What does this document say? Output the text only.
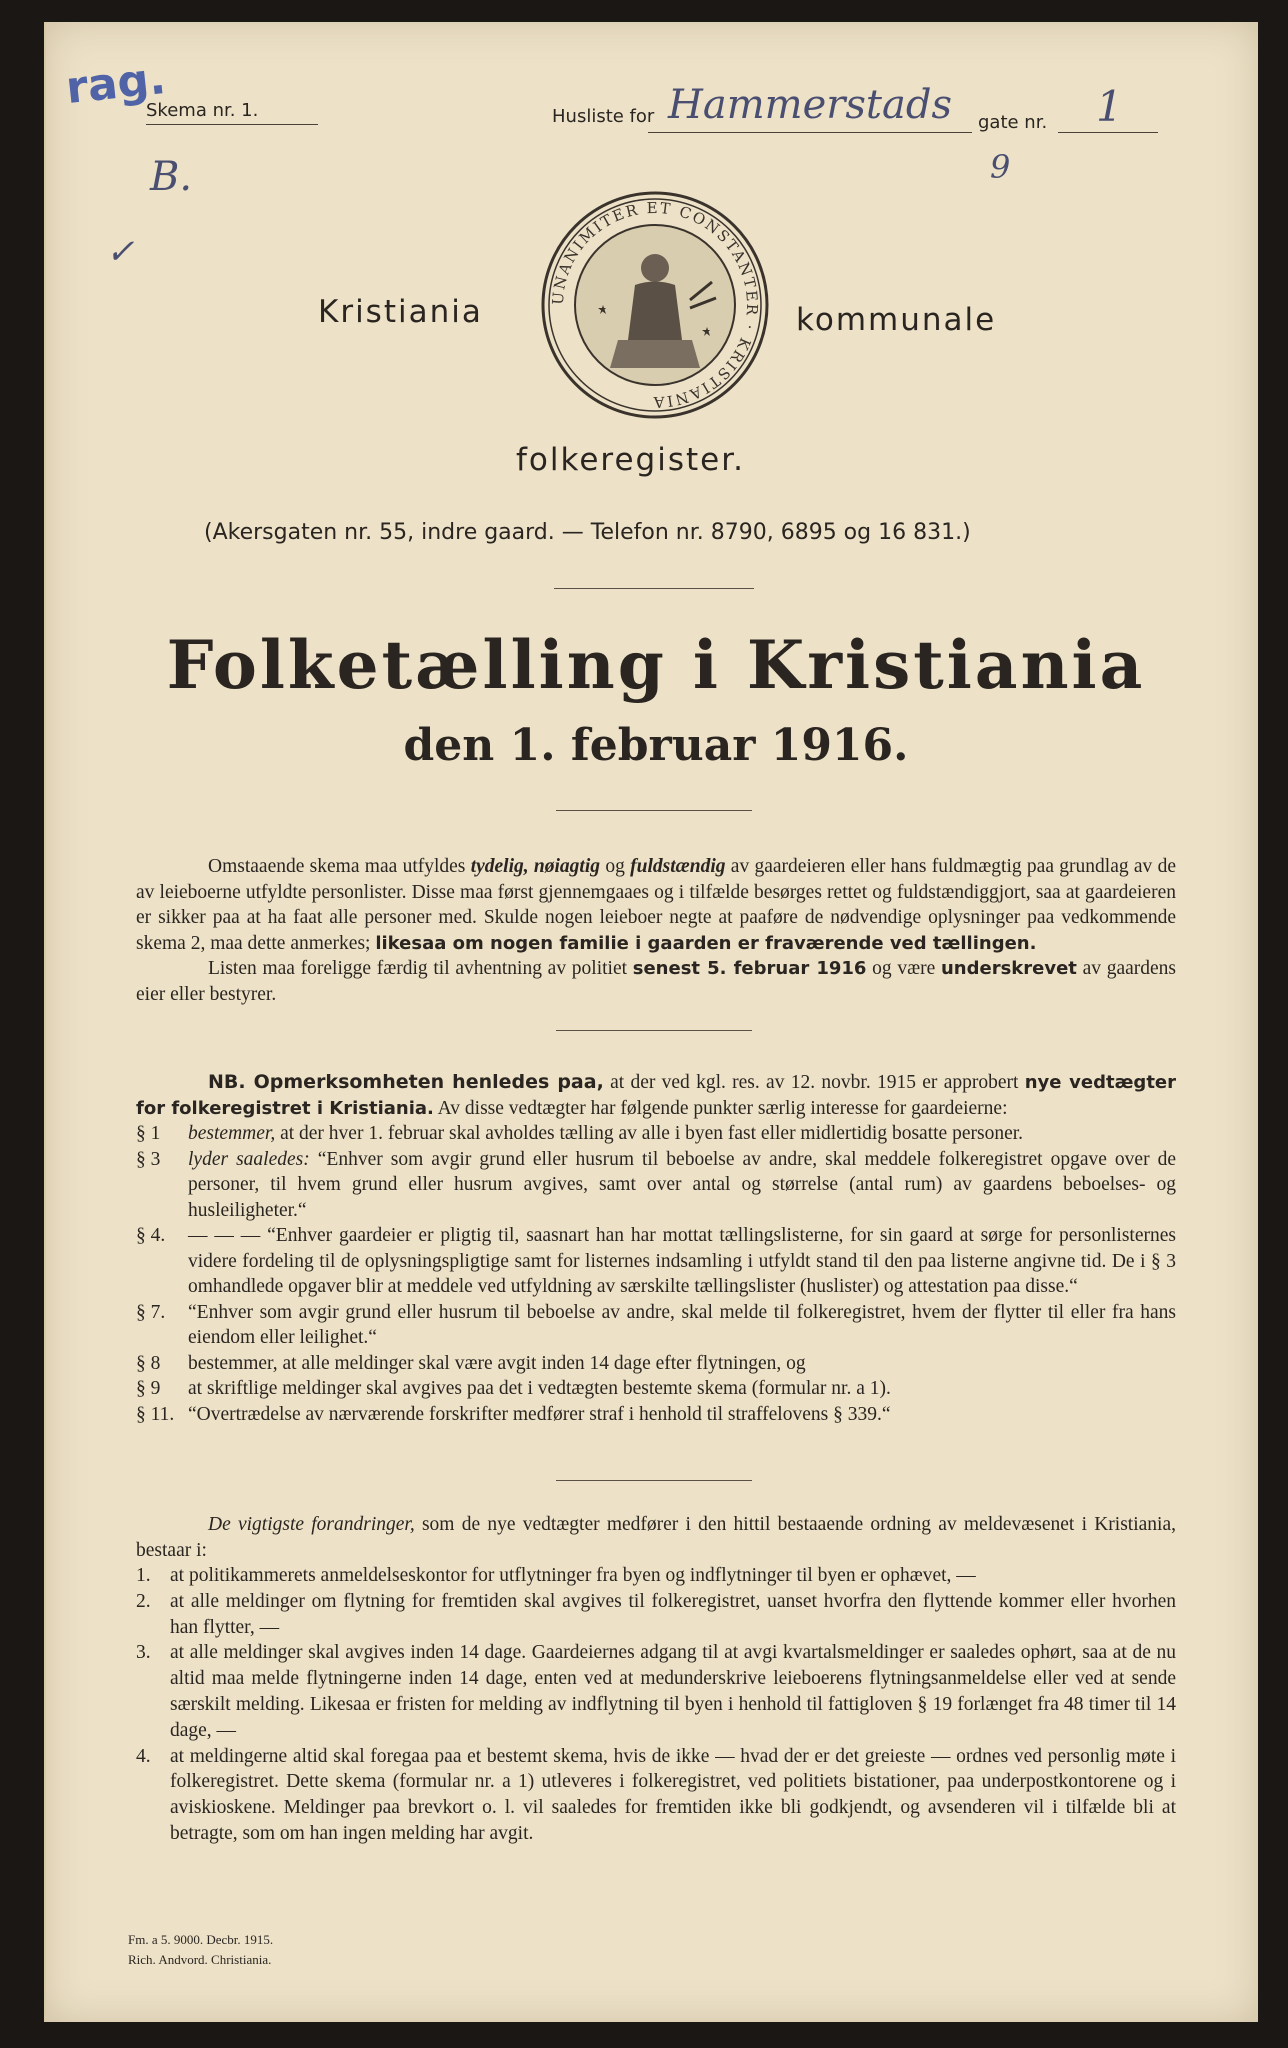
rag.
Skema nr. 1.	Husliste for Hammerstads gate nr. 1
B.	9
✓
Kristiania	UNANIMITER ET CONSTANTER · KRISTIANIA
kommunale
folkeregister.
(Akersgaten nr. 55, indre gaard. — Telefon nr. 8790, 6895 og 16 831.)
Folketælling i Kristiania
den 1. februar 1916.

Omstaaende skema maa utfyldes tydelig, nøiagtig og fuldstændig av gaardeieren eller hans fuldmægtig paa grundlag av de av leieboerne utfyldte personlister. Disse maa først gjennemgaaes og i tilfælde besørges rettet og fuldstændiggjort, saa at gaardeieren er sikker paa at ha faat alle personer med. Skulde nogen leieboer negte at paaføre de nødvendige oplysninger paa vedkommende skema 2, maa dette anmerkes; likesaa om nogen familie i gaarden er fraværende ved tællingen.

Listen maa foreligge færdig til avhentning av politiet senest 5. februar 1916 og være underskrevet av gaardens eier eller bestyrer.

NB. Opmerksomheten henledes paa, at der ved kgl. res. av 12. novbr. 1915 er approbert nye vedtægter for folkeregistret i Kristiania. Av disse vedtægter har følgende punkter særlig interesse for gaardeierne:

§ 1	bestemmer, at der hver 1. februar skal avholdes tælling av alle i byen fast eller midlertidig bosatte personer.
§ 3	lyder saaledes: “Enhver som avgir grund eller husrum til beboelse av andre, skal meddele folkeregistret opgave over de personer, til hvem grund eller husrum avgives, samt over antal og størrelse (antal rum) av gaardens beboelses- og husleiligheter.“
§ 4.	— — — “Enhver gaardeier er pligtig til, saasnart han har mottat tællingslisterne, for sin gaard at sørge for personlisternes videre fordeling til de oplysningspligtige samt for listernes indsamling i utfyldt stand til den paa listerne angivne tid. De i § 3 omhandlede opgaver blir at meddele ved utfyldning av særskilte tællingslister (huslister) og attestation paa disse.“
§ 7.	“Enhver som avgir grund eller husrum til beboelse av andre, skal melde til folkeregistret, hvem der flytter til eller fra hans eiendom eller leilighet.“
§ 8	bestemmer, at alle meldinger skal være avgit inden 14 dage efter flytningen, og
§ 9	at skriftlige meldinger skal avgives paa det i vedtægten bestemte skema (formular nr. a 1).
§ 11. “Overtrædelse av nærværende forskrifter medfører straf i henhold til straffelovens § 339.“

De vigtigste forandringer, som de nye vedtægter medfører i den hittil bestaaende ordning av meldevæsenet i Kristiania, bestaar i:

1. at politikammerets anmeldelseskontor for utflytninger fra byen og indflytninger til byen er ophævet, —
2. at alle meldinger om flytning for fremtiden skal avgives til folkeregistret, uanset hvorfra den flyttende kommer eller hvorhen han flytter, —
3. at alle meldinger skal avgives inden 14 dage. Gaardeiernes adgang til at avgi kvartalsmeldinger er saaledes ophørt, saa at de nu altid maa melde flytningerne inden 14 dage, enten ved at medunderskrive leieboerens flytningsanmeldelse eller ved at sende særskilt melding. Likesaa er fristen for melding av indflytning til byen i henhold til fattigloven § 19 forlænget fra 48 timer til 14 dage, —
4. at meldingerne altid skal foregaa paa et bestemt skema, hvis de ikke — hvad der er det greieste — ordnes ved personlig møte i folkeregistret. Dette skema (formular nr. a 1) utleveres i folkeregistret, ved politiets bistationer, paa underpostkontorene og i aviskioskene. Meldinger paa brevkort o. l. vil saaledes for fremtiden ikke bli godkjendt, og avsenderen vil i tilfælde bli at betragte, som om han ingen melding har avgit.
Fm. a 5. 9000. Decbr. 1915.
Rich. Andvord. Christiania.
